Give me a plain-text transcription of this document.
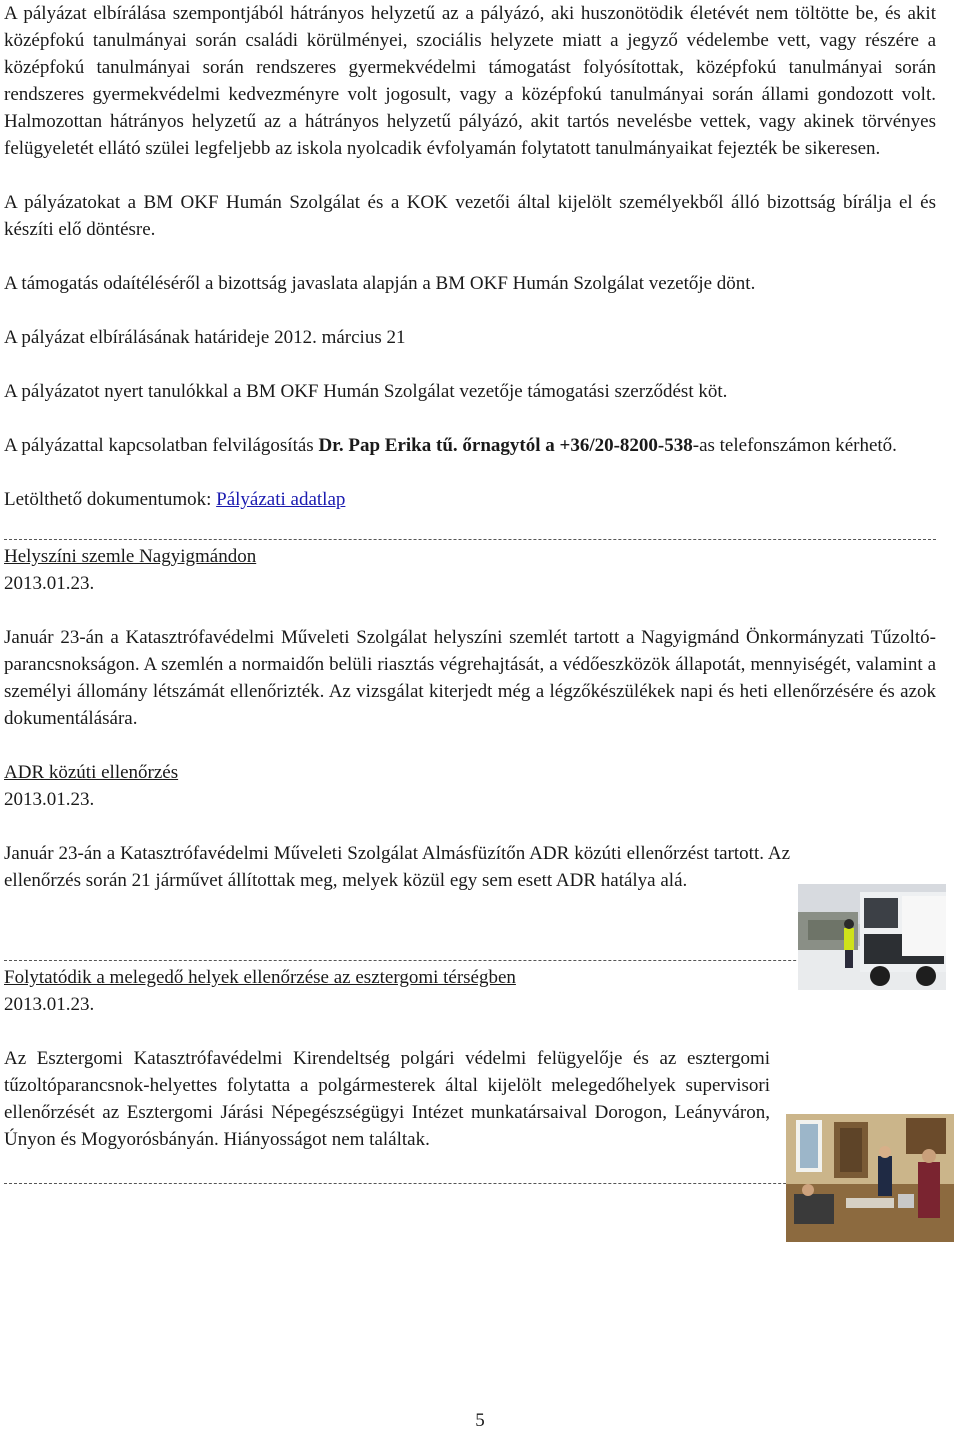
A pályázat elbírálása szempontjából hátrányos helyzetű az a pályázó, aki huszonötödik életévét nem töltötte be, és akit középfokú tanulmányai során családi körülményei, szociális helyzete miatt a jegyző védelembe vett, vagy részére a középfokú tanulmányai során rendszeres gyermekvédelmi támogatást folyósítottak, középfokú tanulmányai során rendszeres gyermekvédelmi kedvezményre volt jogosult, vagy a középfokú tanulmányai során állami gondozott volt. Halmozottan hátrányos helyzetű az a hátrányos helyzetű pályázó, akit tartós nevelésbe vettek, vagy akinek törvényes felügyeletét ellátó szülei legfeljebb az iskola nyolcadik évfolyamán folytatott tanulmányaikat fejezték be sikeresen.

A pályázatokat a BM OKF Humán Szolgálat és a KOK vezetői által kijelölt személyekből álló bizottság bírálja el és készíti elő döntésre.

A támogatás odaítéléséről a bizottság javaslata alapján a BM OKF Humán Szolgálat vezetője dönt.

A pályázat elbírálásának határideje 2012. március 21

A pályázatot nyert tanulókkal a BM OKF Humán Szolgálat vezetője támogatási szerződést köt.

A pályázattal kapcsolatban felvilágosítás Dr. Pap Erika tű. őrnagytól a +36/20-8200-538-as telefonszámon kérhető.

Letölthető dokumentumok: Pályázati adatlap

Helyszíni szemle Nagyigmándon

2013.01.23.

Január 23-án a Katasztrófavédelmi Műveleti Szolgálat helyszíni szemlét tartott a Nagyigmánd Önkormányzati Tűzoltó-parancsnokságon. A szemlén a normaidőn belüli riasztás végrehajtását, a védőeszközök állapotát, mennyiségét, valamint a személyi állomány létszámát ellenőrizték. Az vizsgálat kiterjedt még a légzőkészülékek napi és heti ellenőrzésére és azok dokumentálására.

ADR közúti ellenőrzés

2013.01.23.

Január 23-án a Katasztrófavédelmi Műveleti Szolgálat Almásfüzítőn ADR közúti ellenőrzést tartott. Az ellenőrzés során 21 járművet állítottak meg, melyek közül egy sem esett ADR hatálya alá.

Folytatódik a melegedő helyek ellenőrzése az esztergomi térségben

2013.01.23.

Az Esztergomi Katasztrófavédelmi Kirendeltség polgári védelmi felügyelője és az esztergomi tűzoltóparancsnok-helyettes folytatta a polgármesterek által kijelölt melegedőhelyek supervisori ellenőrzését az Esztergomi Járási Népegészségügyi Intézet munkatársaival Dorogon, Leányváron, Únyon és Mogyorósbányán. Hiányosságot nem találtak.

5
